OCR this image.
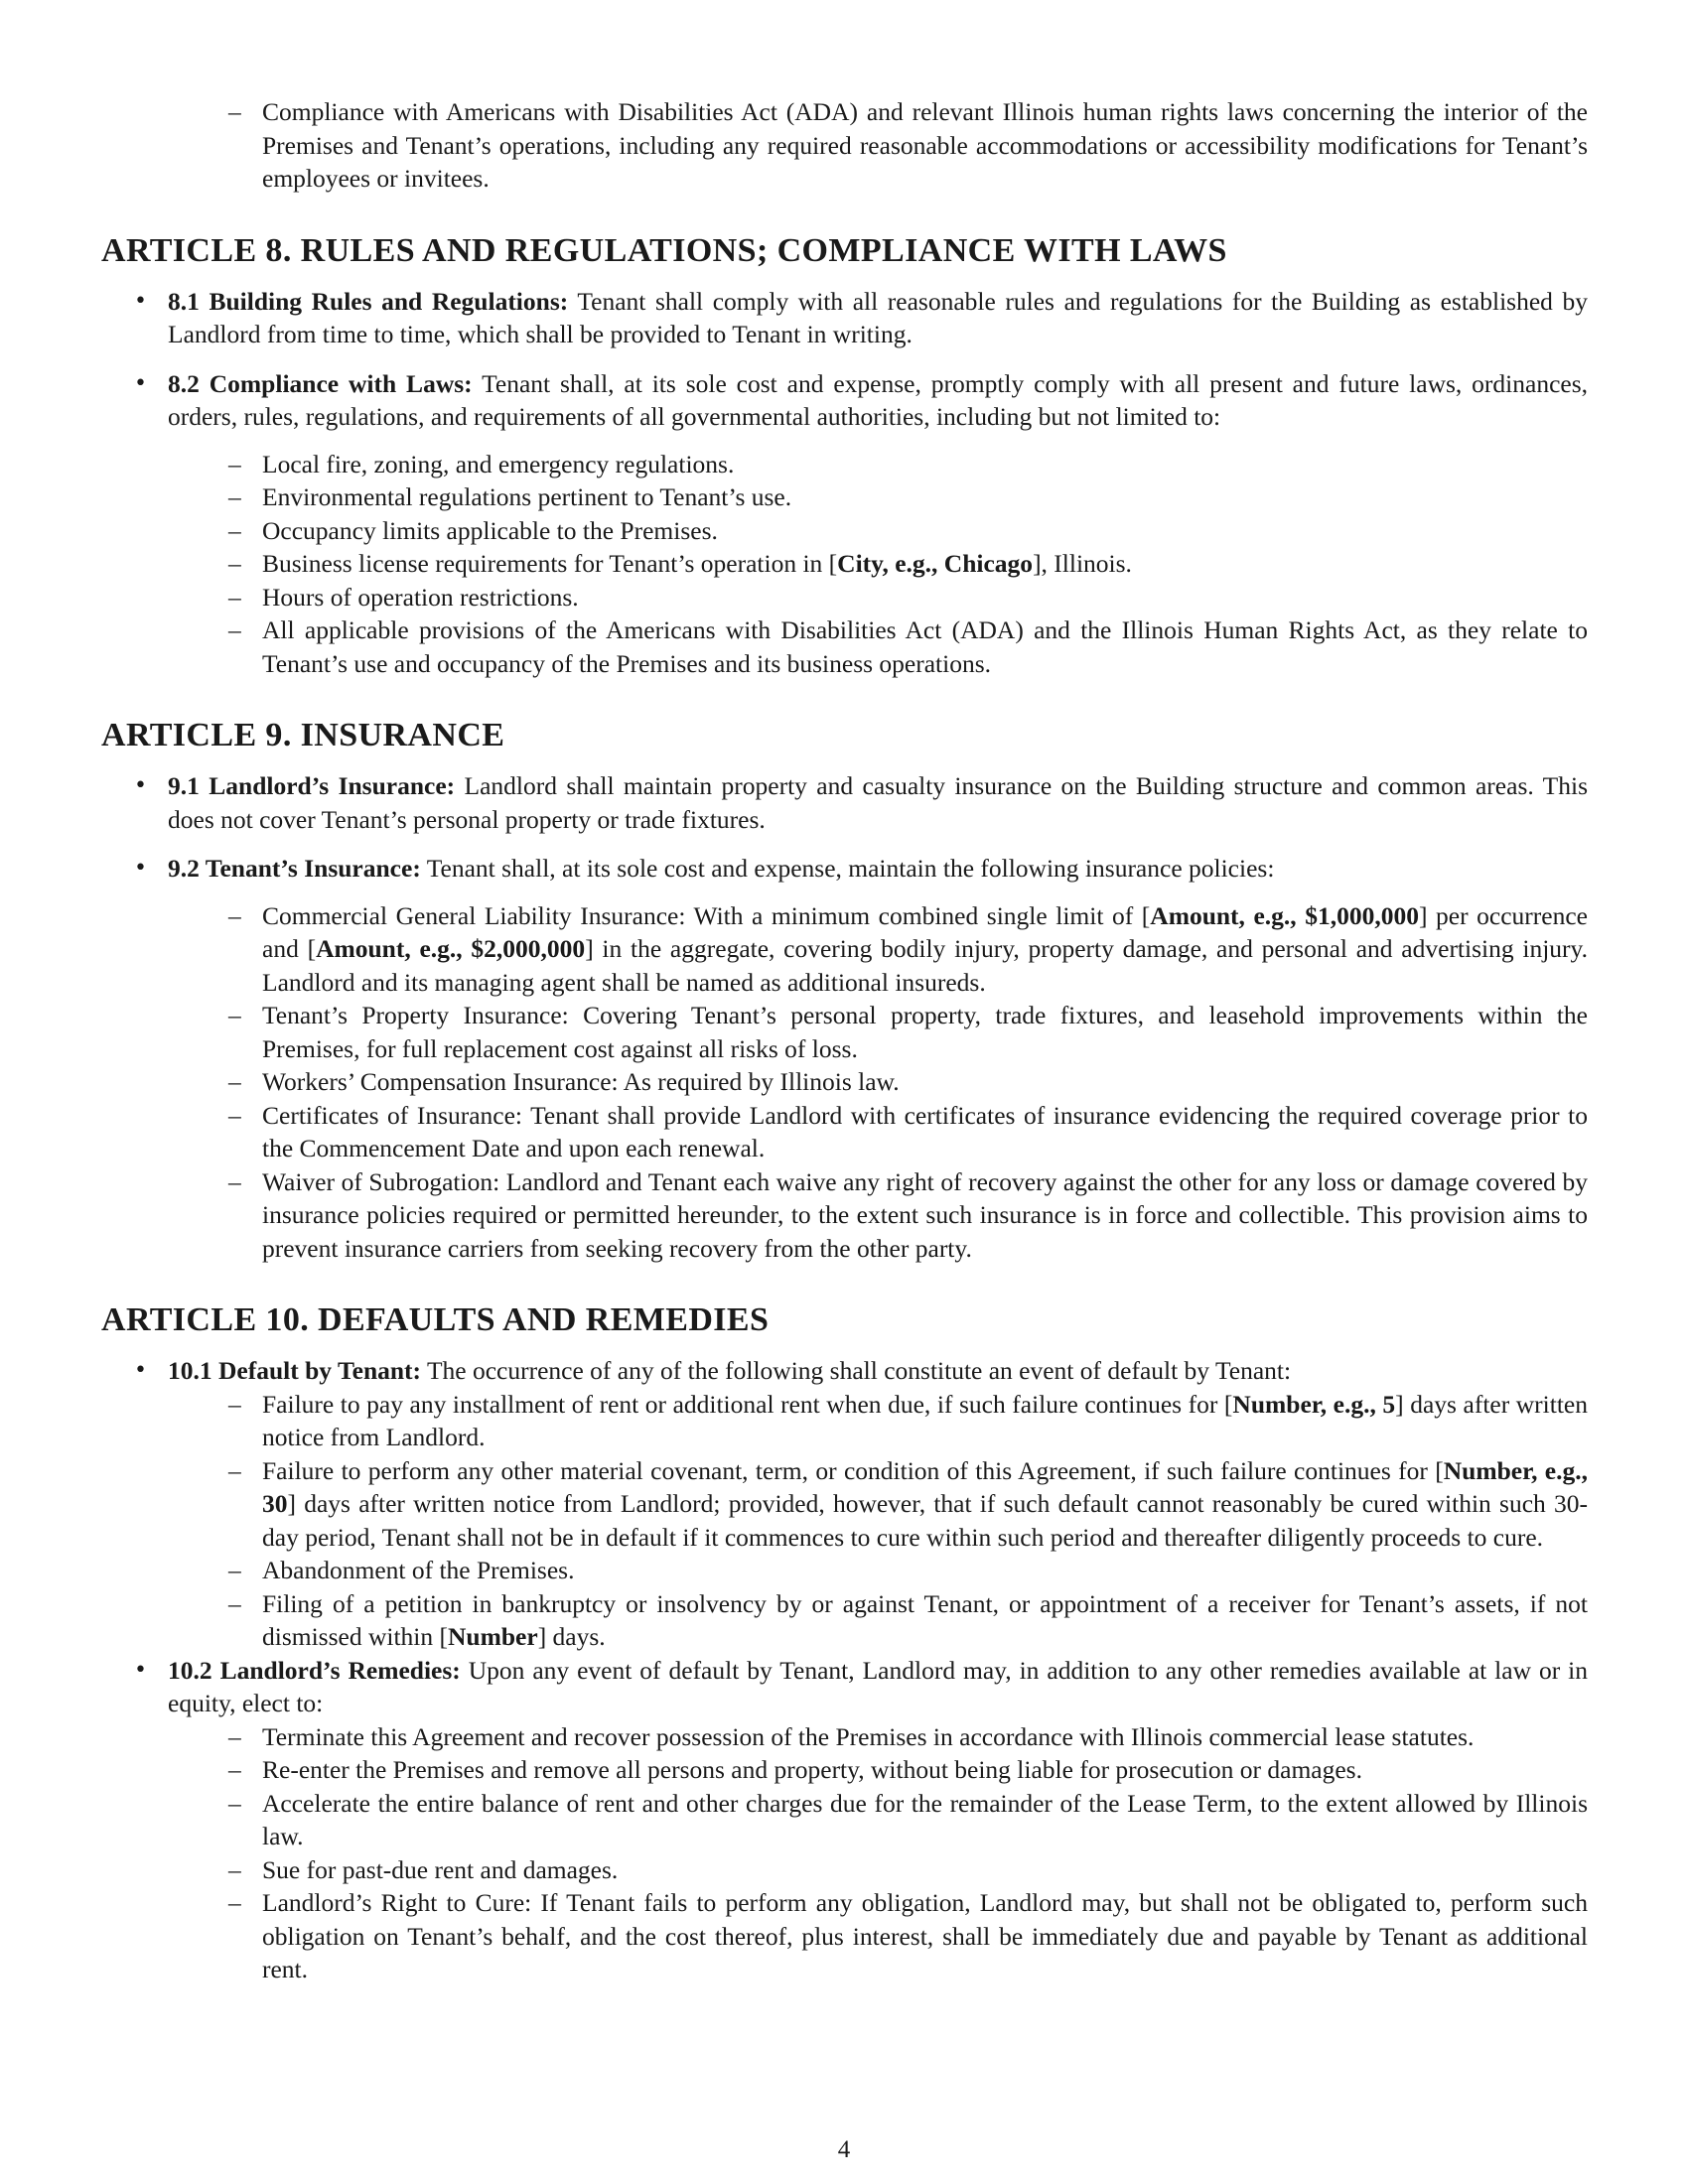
– Compliance with Americans with Disabilities Act (ADA) and relevant Illinois human rights laws concerning the interior of the Premises and Tenant’s operations, including any required reasonable accommodations or accessibility modifications for Tenant’s employees or invitees.
ARTICLE 8. RULES AND REGULATIONS; COMPLIANCE WITH LAWS
• 8.1 Building Rules and Regulations: Tenant shall comply with all reasonable rules and regulations for the Building as established by Landlord from time to time, which shall be provided to Tenant in writing.
• 8.2 Compliance with Laws: Tenant shall, at its sole cost and expense, promptly comply with all present and future laws, ordinances, orders, rules, regulations, and requirements of all governmental authorities, including but not limited to:
– Local fire, zoning, and emergency regulations.
– Environmental regulations pertinent to Tenant’s use.
– Occupancy limits applicable to the Premises.
– Business license requirements for Tenant’s operation in [City, e.g., Chicago], Illinois.
– Hours of operation restrictions.
– All applicable provisions of the Americans with Disabilities Act (ADA) and the Illinois Human Rights Act, as they relate to Tenant’s use and occupancy of the Premises and its business operations.
ARTICLE 9. INSURANCE
• 9.1 Landlord’s Insurance: Landlord shall maintain property and casualty insurance on the Building structure and common areas. This does not cover Tenant’s personal property or trade fixtures.
• 9.2 Tenant’s Insurance: Tenant shall, at its sole cost and expense, maintain the following insurance policies:
– Commercial General Liability Insurance: With a minimum combined single limit of [Amount, e.g., $1,000,000] per occurrence and [Amount, e.g., $2,000,000] in the aggregate, covering bodily injury, property damage, and personal and advertising injury. Landlord and its managing agent shall be named as additional insureds.
– Tenant’s Property Insurance: Covering Tenant’s personal property, trade fixtures, and leasehold improvements within the Premises, for full replacement cost against all risks of loss.
– Workers’ Compensation Insurance: As required by Illinois law.
– Certificates of Insurance: Tenant shall provide Landlord with certificates of insurance evidencing the required coverage prior to the Commencement Date and upon each renewal.
– Waiver of Subrogation: Landlord and Tenant each waive any right of recovery against the other for any loss or damage covered by insurance policies required or permitted hereunder, to the extent such insurance is in force and collectible. This provision aims to prevent insurance carriers from seeking recovery from the other party.
ARTICLE 10. DEFAULTS AND REMEDIES
• 10.1 Default by Tenant: The occurrence of any of the following shall constitute an event of default by Tenant:
– Failure to pay any installment of rent or additional rent when due, if such failure continues for [Number, e.g., 5] days after written notice from Landlord.
– Failure to perform any other material covenant, term, or condition of this Agreement, if such failure continues for [Number, e.g., 30] days after written notice from Landlord; provided, however, that if such default cannot reasonably be cured within such 30-day period, Tenant shall not be in default if it commences to cure within such period and thereafter diligently proceeds to cure.
– Abandonment of the Premises.
– Filing of a petition in bankruptcy or insolvency by or against Tenant, or appointment of a receiver for Tenant’s assets, if not dismissed within [Number] days.
• 10.2 Landlord’s Remedies: Upon any event of default by Tenant, Landlord may, in addition to any other remedies available at law or in equity, elect to:
– Terminate this Agreement and recover possession of the Premises in accordance with Illinois commercial lease statutes.
– Re-enter the Premises and remove all persons and property, without being liable for prosecution or damages.
– Accelerate the entire balance of rent and other charges due for the remainder of the Lease Term, to the extent allowed by Illinois law.
– Sue for past-due rent and damages.
– Landlord’s Right to Cure: If Tenant fails to perform any obligation, Landlord may, but shall not be obligated to, perform such obligation on Tenant’s behalf, and the cost thereof, plus interest, shall be immediately due and payable by Tenant as additional rent.
4
